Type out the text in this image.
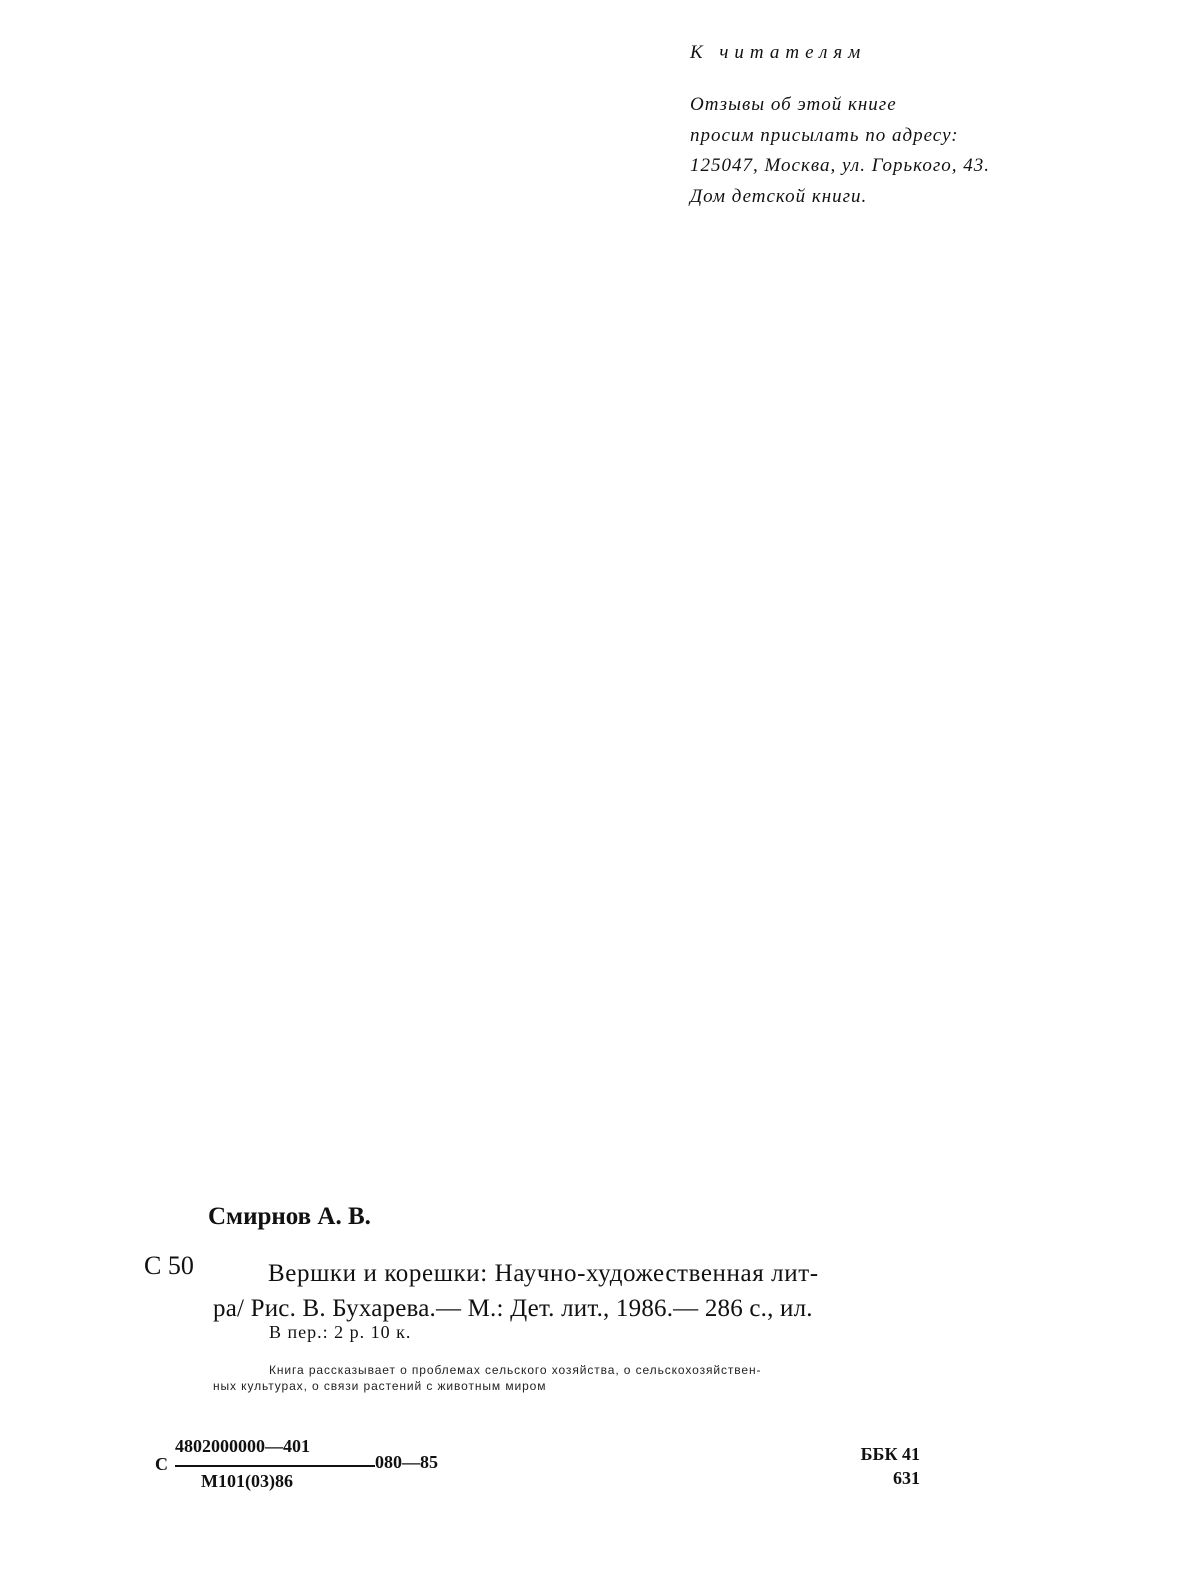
К читателям
Отзывы об этой книге
просим присылать по адресу:
125047, Москва, ул. Горького, 43.
Дом детской книги.
Смирнов А. В.
С 50	Вершки и корешки: Научно-художественная лит-
ра/ Рис. В. Бухарева.— М.: Дет. лит., 1986.— 286 с., ил.
В пер.: 2 р. 10 к.
Книга рассказывает о проблемах сельского хозяйства, о сельскохозяйствен-
ных культурах, о связи растений с животным миром
С
4802000000—401
М101(03)86
080—85	ББК 41
631
